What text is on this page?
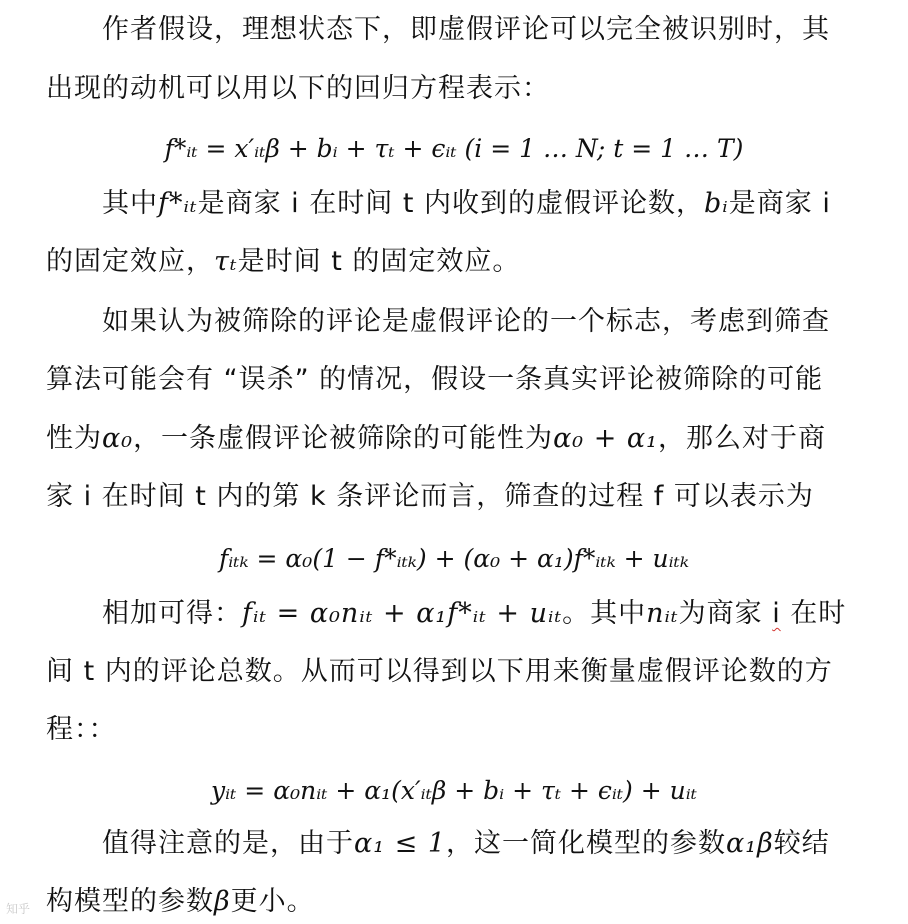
作者假设，理想状态下，即虚假评论可以完全被识别时，其
出现的动机可以用以下的回归方程表示：
f*ᵢₜ = x′ᵢₜβ + bᵢ + τₜ + ϵᵢₜ (i = 1 … N; t = 1 … T)
其中f*ᵢₜ是商家 i 在时间 t 内收到的虚假评论数，bᵢ是商家 i
的固定效应，τₜ是时间 t 的固定效应。
如果认为被筛除的评论是虚假评论的一个标志，考虑到筛查
算法可能会有 “误杀” 的情况，假设一条真实评论被筛除的可能
性为α₀，一条虚假评论被筛除的可能性为α₀ + α₁，那么对于商
家 i 在时间 t 内的第 k 条评论而言，筛查的过程 f 可以表示为
fᵢₜₖ = α₀(1 − f*ᵢₜₖ) + (α₀ + α₁)f*ᵢₜₖ + uᵢₜₖ
相加可得：fᵢₜ = α₀nᵢₜ + α₁f*ᵢₜ + uᵢₜ。其中nᵢₜ为商家 i 在时
间 t 内的评论总数。从而可以得到以下用来衡量虚假评论数的方
程：：
yᵢₜ = α₀nᵢₜ + α₁(x′ᵢₜβ + bᵢ + τₜ + ϵᵢₜ) + uᵢₜ
值得注意的是，由于α₁ ≤ 1，这一简化模型的参数α₁β较结
构模型的参数β更小。
知乎
